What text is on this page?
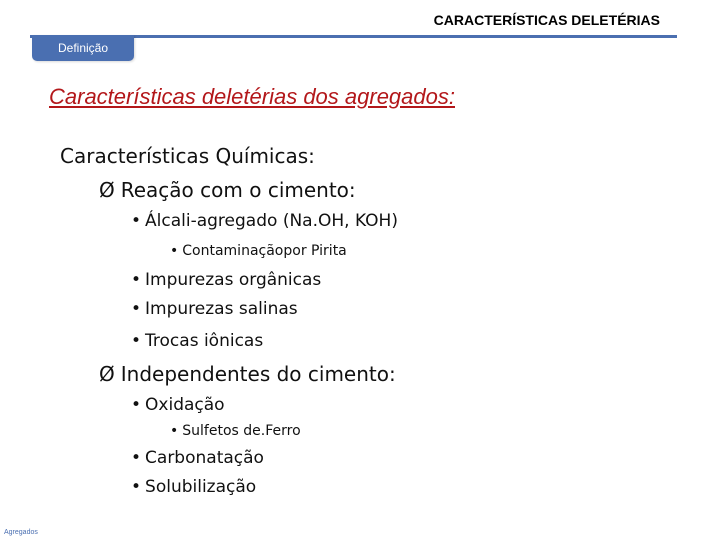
CARACTERÍSTICAS DELETÉRIAS
Definição
Características deletérias dos agregados:
Características Químicas:
Ø Reação com o cimento:
• Álcali-agregado (Na.OH, KOH)
• Contaminaçãopor Pirita
• Impurezas orgânicas
• Impurezas salinas
• Trocas iônicas
Ø Independentes do cimento:
• Oxidação
• Sulfetos de.Ferro
• Carbonatação
• Solubilização
Agregados
